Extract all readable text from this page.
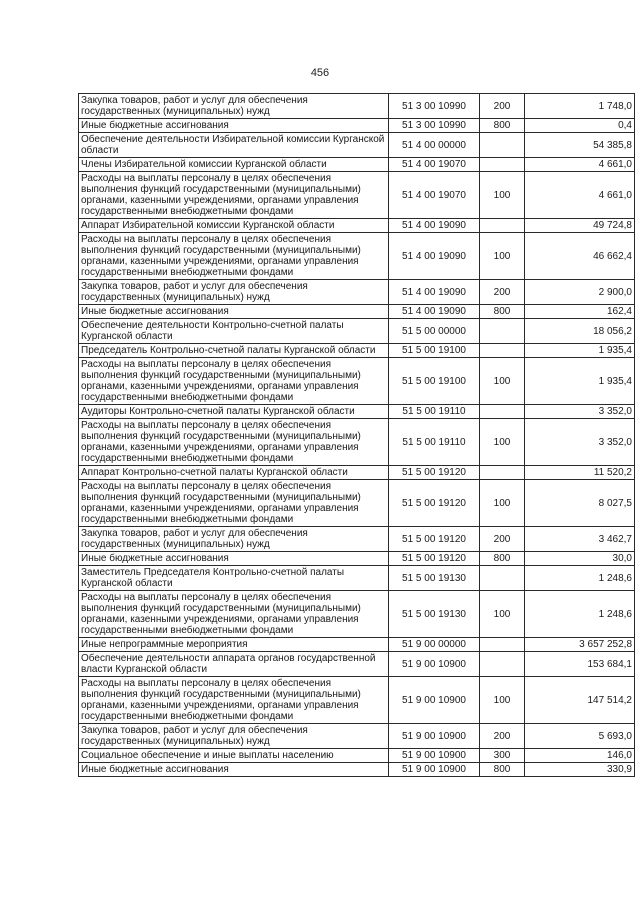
456
Закупка товаров, работ и услуг для обеспечения государственных (муниципальных) нужд	51 3 00 10990	200	1 748,0
Иные бюджетные ассигнования	51 3 00 10990	800	0,4
Обеспечение деятельности Избирательной комиссии Курганской области	51 4 00 00000		54 385,8
Члены Избирательной комиссии Курганской области	51 4 00 19070		4 661,0
Расходы на выплаты персоналу в целях обеспечения выполнения функций государственными (муниципальными) органами, казенными учреждениями, органами управления государственными внебюджетными фондами	51 4 00 19070	100	4 661,0
Аппарат Избирательной комиссии Курганской области	51 4 00 19090		49 724,8
Расходы на выплаты персоналу в целях обеспечения выполнения функций государственными (муниципальными) органами, казенными учреждениями, органами управления государственными внебюджетными фондами	51 4 00 19090	100	46 662,4
Закупка товаров, работ и услуг для обеспечения государственных (муниципальных) нужд	51 4 00 19090	200	2 900,0
Иные бюджетные ассигнования	51 4 00 19090	800	162,4
Обеспечение деятельности Контрольно-счетной палаты Курганской области	51 5 00 00000		18 056,2
Председатель Контрольно-счетной палаты Курганской области	51 5 00 19100		1 935,4
Расходы на выплаты персоналу в целях обеспечения выполнения функций государственными (муниципальными) органами, казенными учреждениями, органами управления государственными внебюджетными фондами	51 5 00 19100	100	1 935,4
Аудиторы Контрольно-счетной палаты Курганской области	51 5 00 19110		3 352,0
Расходы на выплаты персоналу в целях обеспечения выполнения функций государственными (муниципальными) органами, казенными учреждениями, органами управления государственными внебюджетными фондами	51 5 00 19110	100	3 352,0
Аппарат Контрольно-счетной палаты Курганской области	51 5 00 19120		11 520,2
Расходы на выплаты персоналу в целях обеспечения выполнения функций государственными (муниципальными) органами, казенными учреждениями, органами управления государственными внебюджетными фондами	51 5 00 19120	100	8 027,5
Закупка товаров, работ и услуг для обеспечения государственных (муниципальных) нужд	51 5 00 19120	200	3 462,7
Иные бюджетные ассигнования	51 5 00 19120	800	30,0
Заместитель Председателя Контрольно-счетной палаты Курганской области	51 5 00 19130		1 248,6
Расходы на выплаты персоналу в целях обеспечения выполнения функций государственными (муниципальными) органами, казенными учреждениями, органами управления государственными внебюджетными фондами	51 5 00 19130	100	1 248,6
Иные непрограммные мероприятия	51 9 00 00000		3 657 252,8
Обеспечение деятельности аппарата органов государственной власти Курганской области	51 9 00 10900		153 684,1
Расходы на выплаты персоналу в целях обеспечения выполнения функций государственными (муниципальными) органами, казенными учреждениями, органами управления государственными внебюджетными фондами	51 9 00 10900	100	147 514,2
Закупка товаров, работ и услуг для обеспечения государственных (муниципальных) нужд	51 9 00 10900	200	5 693,0
Социальное обеспечение и иные выплаты населению	51 9 00 10900	300	146,0
Иные бюджетные ассигнования	51 9 00 10900	800	330,9
